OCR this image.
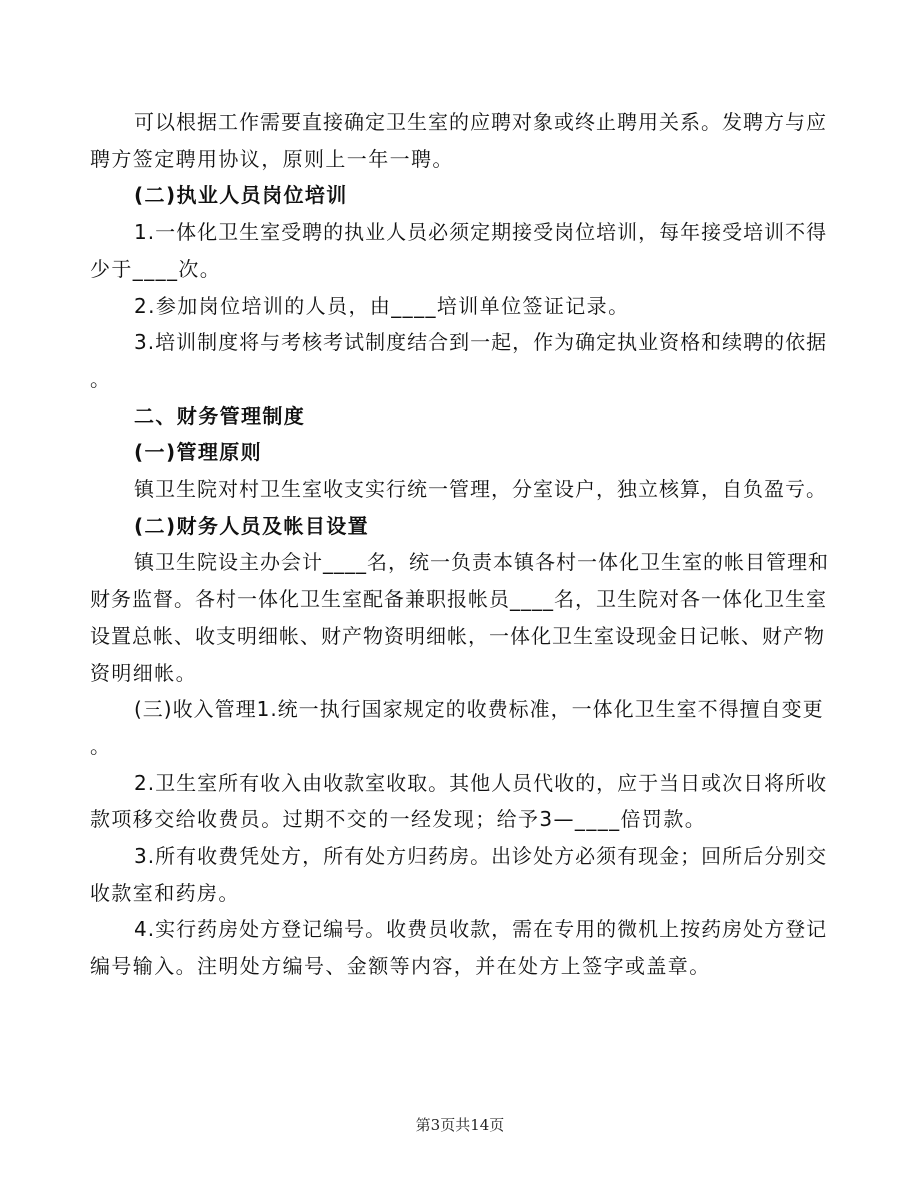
可以根据工作需要直接确定卫生室的应聘对象或终止聘用关系。发聘方与应
聘方签定聘用协议，原则上一年一聘。
(二)执业人员岗位培训
1.一体化卫生室受聘的执业人员必须定期接受岗位培训，每年接受培训不得
少于____次。
2.参加岗位培训的人员，由____培训单位签证记录。
3.培训制度将与考核考试制度结合到一起，作为确定执业资格和续聘的依据
。
二、财务管理制度
(一)管理原则
镇卫生院对村卫生室收支实行统一管理，分室设户，独立核算，自负盈亏。
(二)财务人员及帐目设置
镇卫生院设主办会计____名，统一负责本镇各村一体化卫生室的帐目管理和
财务监督。各村一体化卫生室配备兼职报帐员____名，卫生院对各一体化卫生室
设置总帐、收支明细帐、财产物资明细帐，一体化卫生室设现金日记帐、财产物
资明细帐。
(三)收入管理1.统一执行国家规定的收费标准，一体化卫生室不得擅自变更
。
2.卫生室所有收入由收款室收取。其他人员代收的，应于当日或次日将所收
款项移交给收费员。过期不交的一经发现；给予3—____倍罚款。
3.所有收费凭处方，所有处方归药房。出诊处方必须有现金；回所后分别交
收款室和药房。
4.实行药房处方登记编号。收费员收款，需在专用的微机上按药房处方登记
编号输入。注明处方编号、金额等内容，并在处方上签字或盖章。
第3页共14页
